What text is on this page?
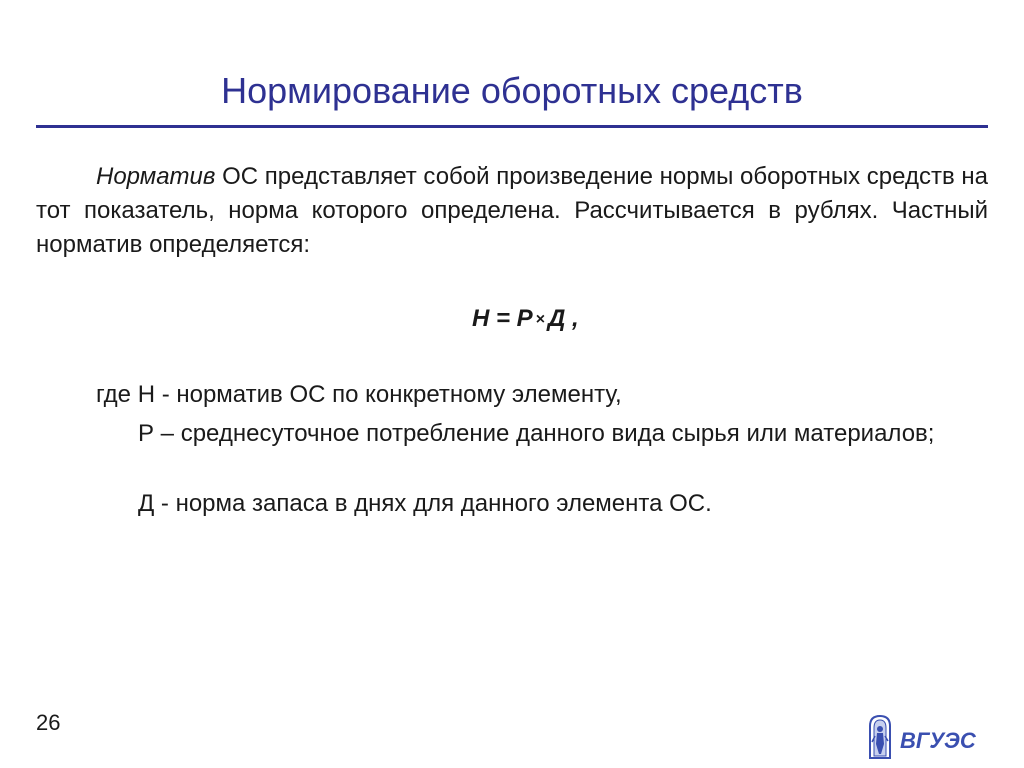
Нормирование оборотных средств
Норматив ОС представляет собой произведение нормы оборотных средств на тот показатель, норма которого определена. Рассчитывается в рублях. Частный норматив определяется:
Н = Р × Д ,
где Н - норматив ОС по конкретному элементу,
Р – среднесуточное потребление данного вида сырья или материалов;
Д - норма запаса в днях для данного элемента ОС.
26
ВГУЭС
